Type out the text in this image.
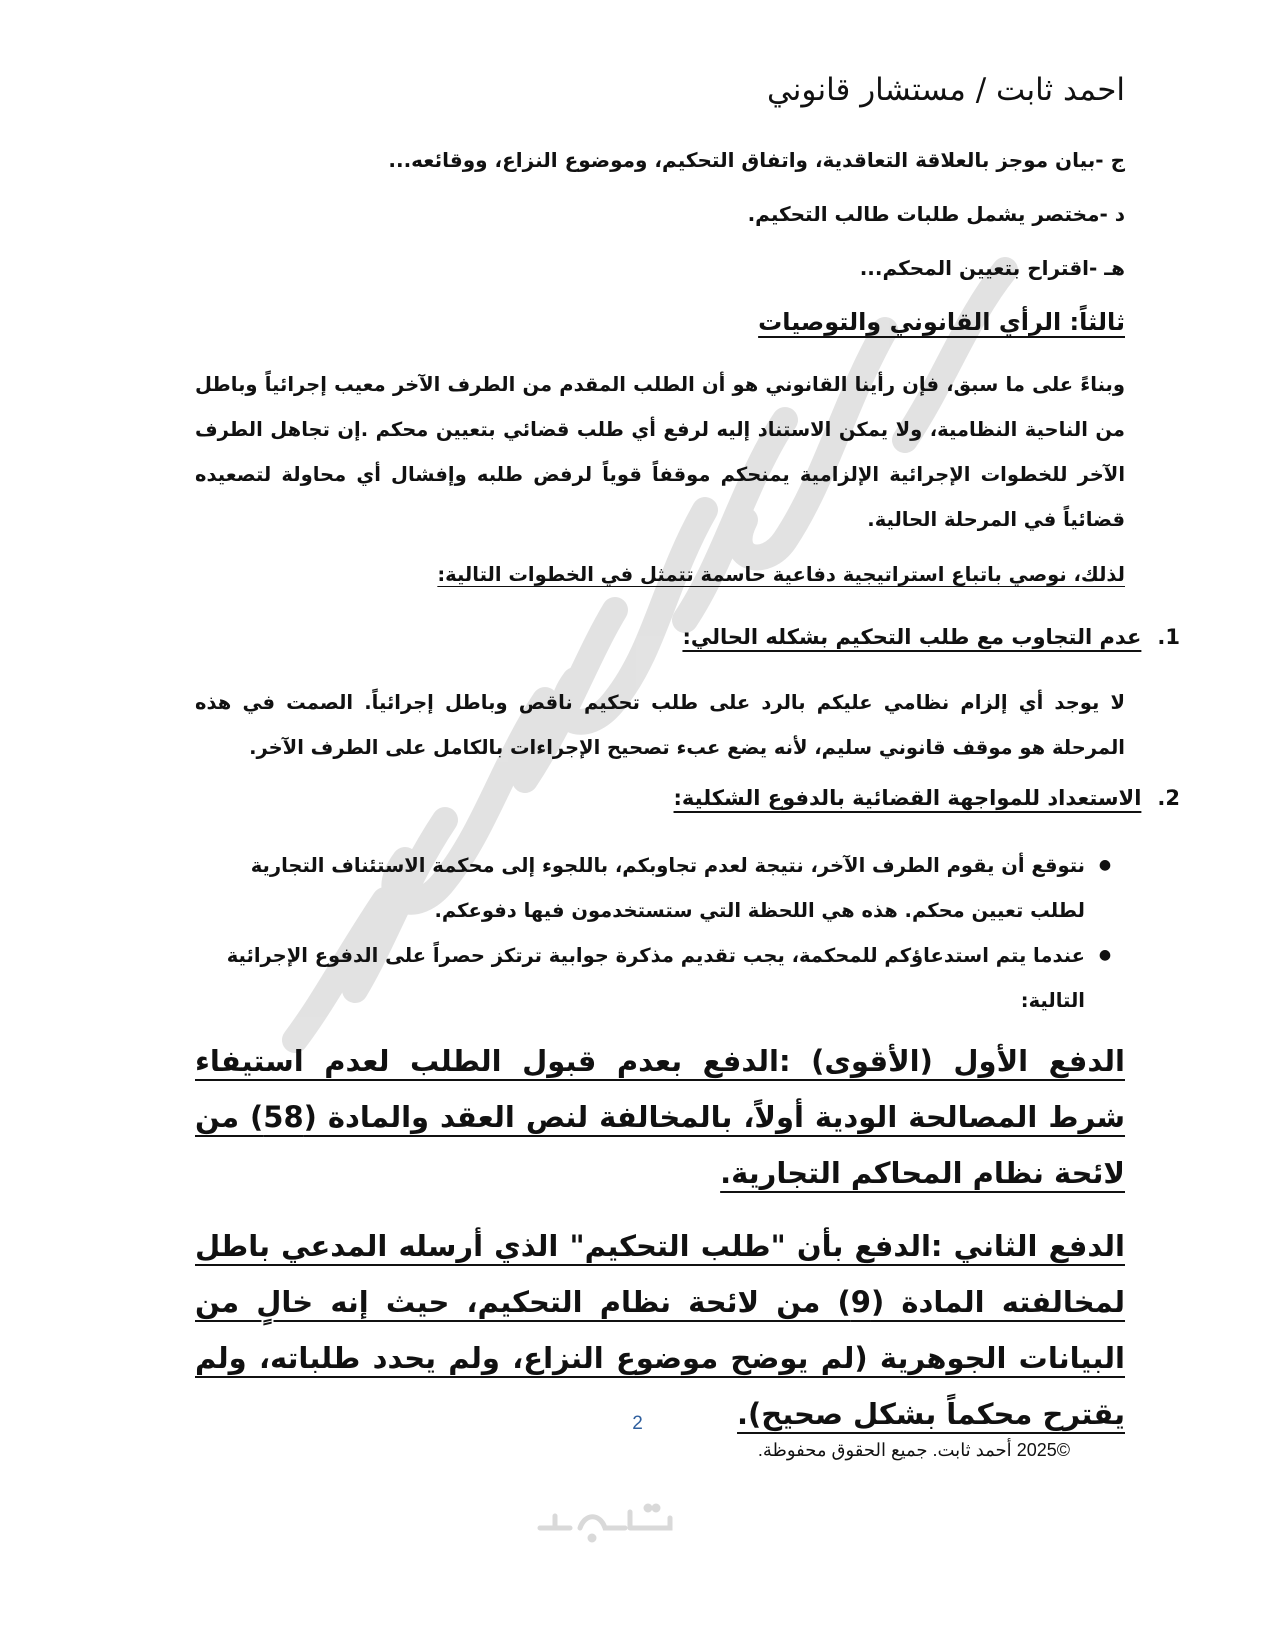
احمد ثابت / مستشار قانوني
ج -بيان موجز بالعلاقة التعاقدية، واتفاق التحكيم، وموضوع النزاع، ووقائعه...
د -مختصر يشمل طلبات طالب التحكيم.
هـ -اقتراح بتعيين المحكم...
ثالثاً: الرأي القانوني والتوصيات
وبناءً على ما سبق، فإن رأينا القانوني هو أن الطلب المقدم من الطرف الآخر معيب إجرائياً وباطل من الناحية النظامية، ولا يمكن الاستناد إليه لرفع أي طلب قضائي بتعيين محكم .إن تجاهل الطرف الآخر للخطوات الإجرائية الإلزامية يمنحكم موقفاً قوياً لرفض طلبه وإفشال أي محاولة لتصعيده قضائياً في المرحلة الحالية.
لذلك، نوصي باتباع استراتيجية دفاعية حاسمة تتمثل في الخطوات التالية:
1.
عدم التجاوب مع طلب التحكيم بشكله الحالي:
لا يوجد أي إلزام نظامي عليكم بالرد على طلب تحكيم ناقص وباطل إجرائياً. الصمت في هذه المرحلة هو موقف قانوني سليم، لأنه يضع عبء تصحيح الإجراءات بالكامل على الطرف الآخر.
2.
الاستعداد للمواجهة القضائية بالدفوع الشكلية:
●
نتوقع أن يقوم الطرف الآخر، نتيجة لعدم تجاوبكم، باللجوء إلى محكمة الاستئناف التجارية لطلب تعيين محكم. هذه هي اللحظة التي ستستخدمون فيها دفوعكم.
●
عندما يتم استدعاؤكم للمحكمة، يجب تقديم مذكرة جوابية ترتكز حصراً على الدفوع الإجرائية التالية:
الدفع الأول (الأقوى) :الدفع بعدم قبول الطلب لعدم استيفاء شرط المصالحة الودية أولاً، بالمخالفة لنص العقد والمادة (58) من لائحة نظام المحاكم التجارية.
الدفع الثاني :الدفع بأن "طلب التحكيم" الذي أرسله المدعي باطل لمخالفته المادة (9) من لائحة نظام التحكيم، حيث إنه خالٍ من البيانات الجوهرية (لم يوضح موضوع النزاع، ولم يحدد طلباته، ولم يقترح محكماً بشكل صحيح).
2
©2025 أحمد ثابت. جميع الحقوق محفوظة.
